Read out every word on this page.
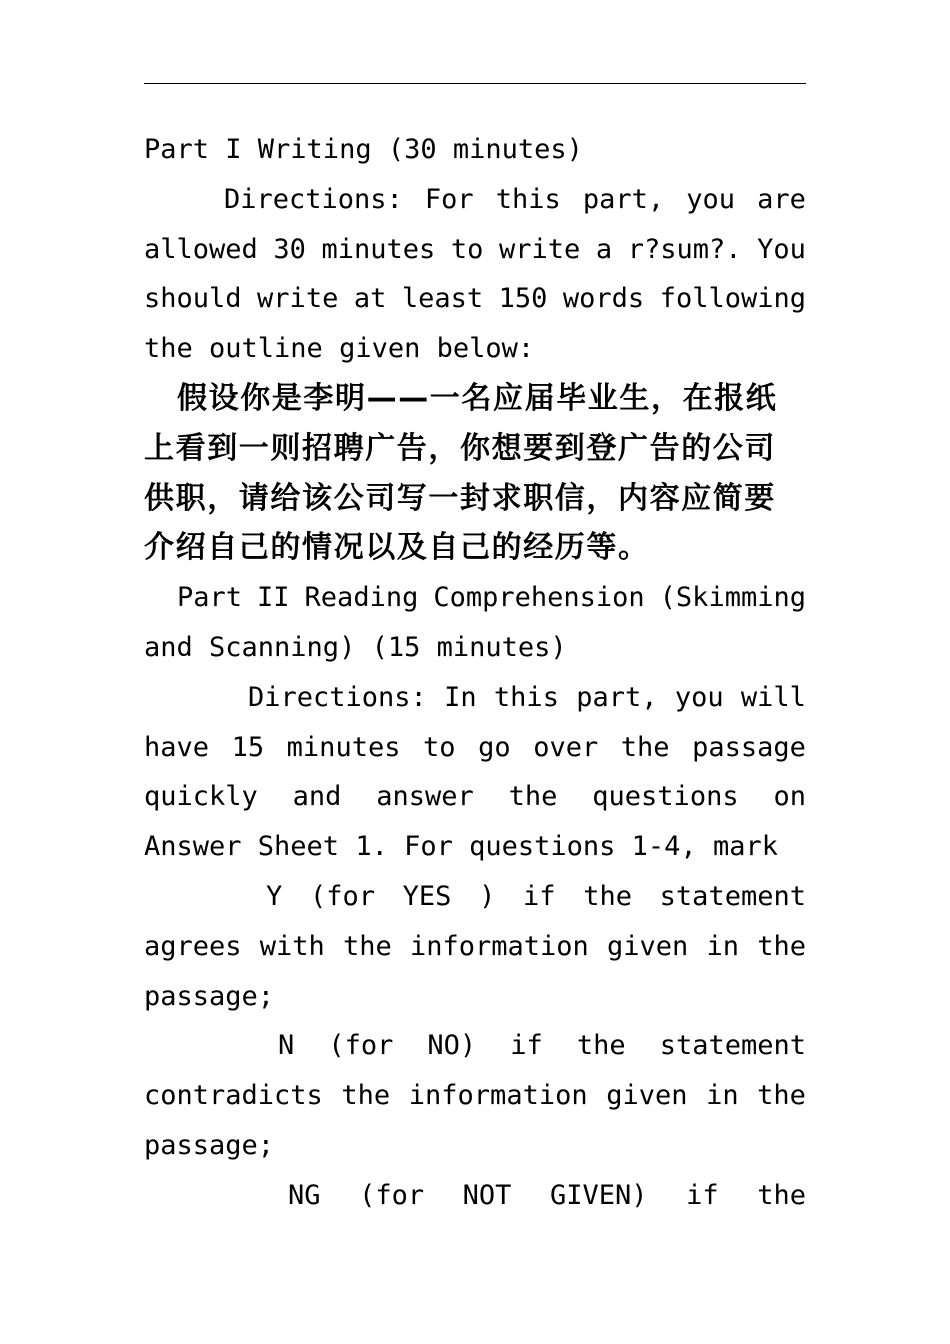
Part I Writing (30 minutes)
Directions: For this part, you are
allowed 30 minutes to write a r?sum?. You
should write at least 150 words following
the outline given below:
假设你是李明——一名应届毕业生，在报纸
上看到一则招聘广告，你想要到登广告的公司
供职，请给该公司写一封求职信，内容应简要
介绍自己的情况以及自己的经历等。
Part II Reading Comprehension (Skimming
and Scanning) (15 minutes)
Directions: In this part, you will
have 15 minutes to go over the passage
quickly and answer the questions on
Answer Sheet 1. For questions 1-4, mark
Y (for YES ) if the statement
agrees with the information given in the
passage;
N (for NO) if the statement
contradicts the information given in the
passage;
NG (for NOT GIVEN) if the
